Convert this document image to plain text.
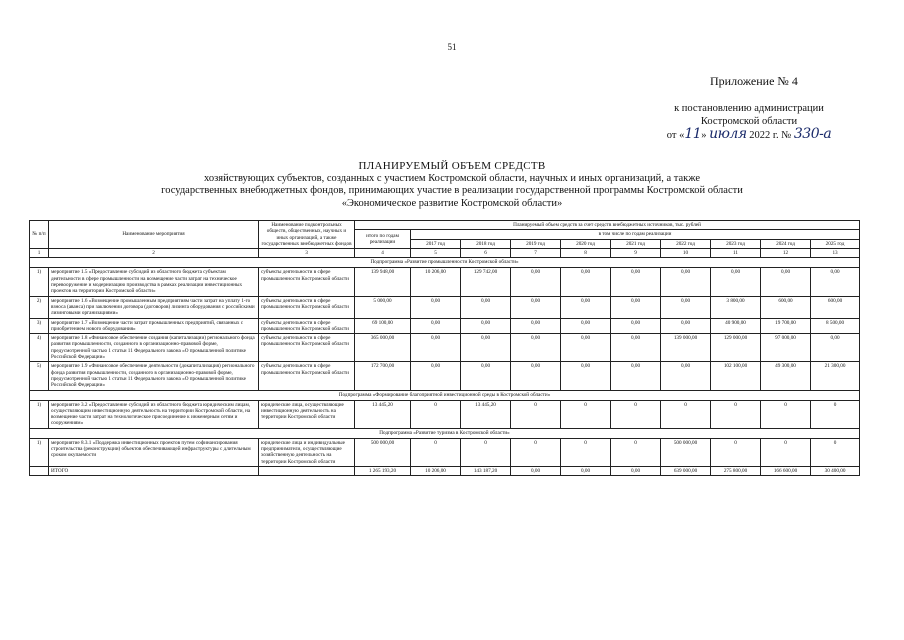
51
Приложение № 4
к постановлению администрации
Костромской области
от «11» июля 2022 г. № 330-а
ПЛАНИРУЕМЫЙ ОБЪЕМ СРЕДСТВ
хозяйствующих субъектов, созданных с участием Костромской области, научных и иных организаций, а также
государственных внебюджетных фондов, принимающих участие в реализации государственной программы Костромской области
«Экономическое развитие Костромской области»
№ п/п	Наименование мероприятия	Наименование подконтрольных обществ, общественных, научных и иных организаций, а также государственных внебюджетных фондов	Планируемый объем средств за счет средств внебюджетных источников, тыс. рублей									
			итого по годам реализации	в том числе по годам реализации								
				2017 год	2018 год	2019 год	2020 год	2021 год	2022 год	2023 год	2024 год	2025 год
1	2	3	4	5	6	7	8	9	10	11	12	13
Подпрограмма «Развитие промышленности Костромской области»												
1)	мероприятие 1.5 «Предоставление субсидий из областного бюджета субъектам деятельности в сфере промышленности на возмещение части затрат на техническое перевооружение и модернизацию производства в рамках реализации инвестиционных проектов на территории Костромской области»	субъекты деятельности в сфере промышленности Костромской области	139 948,00	10 206,00	129 742,00	0,00	0,00	0,00	0,00	0,00	0,00	0,00
2)	мероприятие 1.6 «Возмещение промышленным предприятиям части затрат на уплату 1-го взноса (аванса) при заключении договора (договоров) лизинга оборудования с российскими лизинговыми организациями»	субъекты деятельности в сфере промышленности Костромской области	5 000,00	0,00	0,00	0,00	0,00	0,00	0,00	3 800,00	600,00	600,00
3)	мероприятие 1.7 «Возмещение части затрат промышленных предприятий, связанных с приобретением нового оборудования»	субъекты деятельности в сфере промышленности Костромской области	69 100,00	0,00	0,00	0,00	0,00	0,00	0,00	40 900,00	19 700,00	8 500,00
4)	мероприятие 1.8 «Финансовое обеспечение создания (капитализации) регионального фонда развития промышленности, созданного в организационно-правовой форме, предусмотренной частью 1 статьи 11 Федерального закона «О промышленной политике Российской Федерации»	субъекты деятельности в сфере промышленности Костромской области	365 000,00	0,00	0,00	0,00	0,00	0,00	139 000,00	129 000,00	97 000,00	0,00
5)	мероприятие 1.9 «Финансовое обеспечение деятельности (докапитализация) регионального фонда развития промышленности, созданного в организационно-правовой форме, предусмотренной частью 1 статьи 11 Федерального закона «О промышленной политике Российской Федерации»	субъекты деятельности в сфере промышленности Костромской области	172 700,00	0,00	0,00	0,00	0,00	0,00	0,00	102 100,00	49 300,00	21 300,00
Подпрограмма «Формирование благоприятной инвестиционной среды в Костромской области»												
1)	мероприятие 3.2 «Предоставление субсидий из областного бюджета юридическим лицам, осуществляющим инвестиционную деятельность на территории Костромской области, на возмещение части затрат на технологическое присоединение к инженерным сетям и сооружениям»	юридические лица, осуществляющие инвестиционную деятельность на территории Костромской области	13 445,20	0	13 445,20	0	0	0	0	0	0	0
Подпрограмма «Развитие туризма в Костромской области»												
1)	мероприятие 8.3.1 «Поддержка инвестиционных проектов путем софинансирования строительства (реконструкции) объектов обеспечивающей инфраструктуры с длительным сроком окупаемости	юридические лица и индивидуальные предприниматели, осуществляющие хозяйственную деятельность на территории Костромской области	500 000,00	0	0	0	0	0	500 000,00	0	0	0
	ИТОГО		1 265 193,20	10 206,00	143 187,20	0,00	0,00	0,00	639 000,00	275 800,00	166 600,00	30 400,00
